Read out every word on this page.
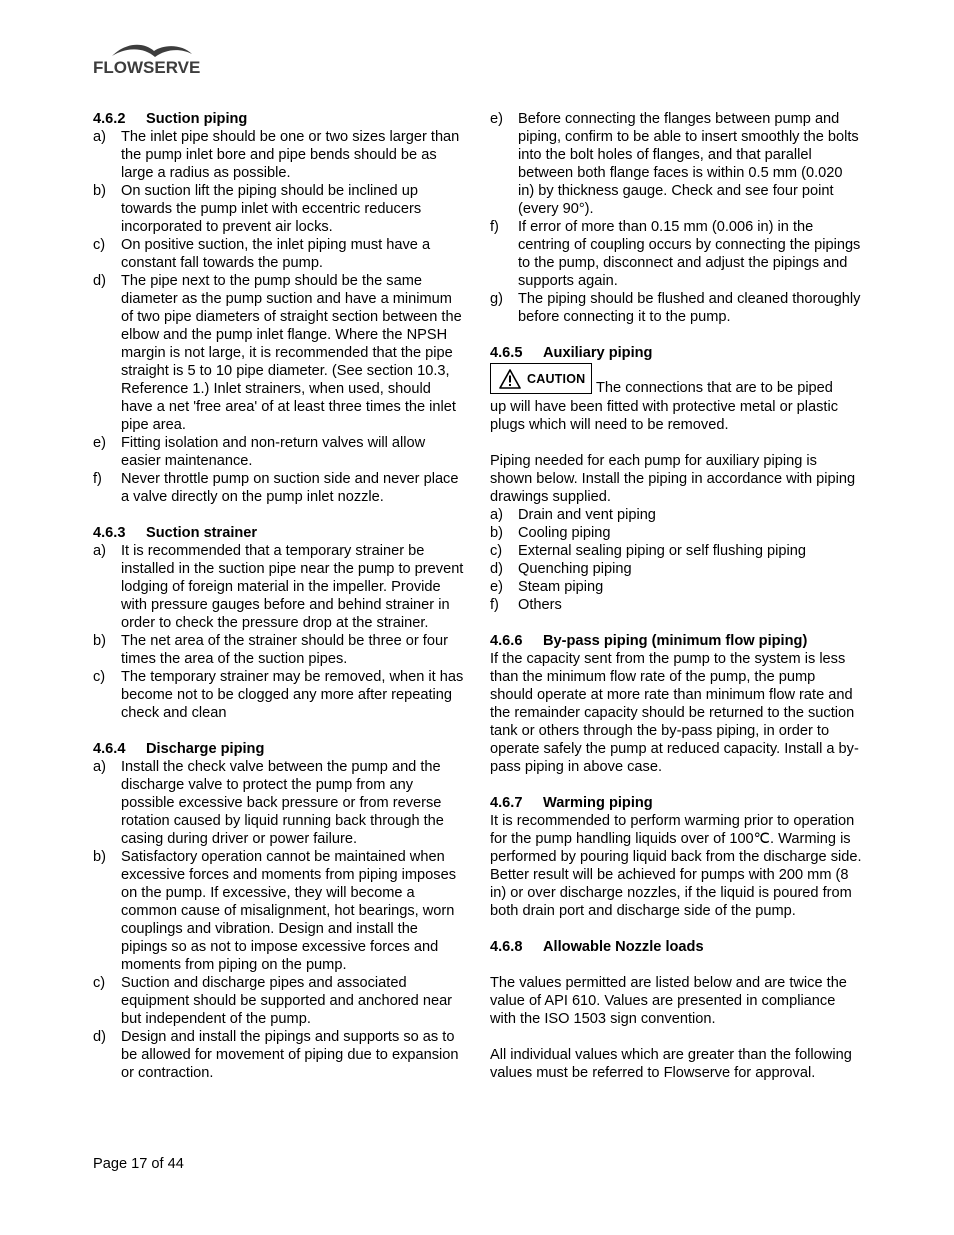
FLOWSERVE
4.6.2 Suction piping
a)	The inlet pipe should be one or two sizes larger than the pump inlet bore and pipe bends should be as large a radius as possible.
b)	On suction lift the piping should be inclined up towards the pump inlet with eccentric reducers incorporated to prevent air locks.
c)	On positive suction, the inlet piping must have a constant fall towards the pump.
d)	The pipe next to the pump should be the same diameter as the pump suction and have a minimum of two pipe diameters of straight section between the elbow and the pump inlet flange. Where the NPSH margin is not large, it is recommended that the pipe straight is 5 to 10 pipe diameter. (See section 10.3, Reference 1.) Inlet strainers, when used, should have a net 'free area' of at least three times the inlet pipe area.
e)	Fitting isolation and non-return valves will allow easier maintenance.
f)	Never throttle pump on suction side and never place a valve directly on the pump inlet nozzle.
4.6.3 Suction strainer
a)	It is recommended that a temporary strainer be installed in the suction pipe near the pump to prevent lodging of foreign material in the impeller. Provide with pressure gauges before and behind strainer in order to check the pressure drop at the strainer.
b)	The net area of the strainer should be three or four times the area of the suction pipes.
c)	The temporary strainer may be removed, when it has become not to be clogged any more after repeating check and clean
4.6.4 Discharge piping
a)	Install the check valve between the pump and the discharge valve to protect the pump from any possible excessive back pressure or from reverse rotation caused by liquid running back through the casing during driver or power failure.
b)	Satisfactory operation cannot be maintained when excessive forces and moments from piping imposes on the pump. If excessive, they will become a common cause of misalignment, hot bearings, worn couplings and vibration. Design and install the pipings so as not to impose excessive forces and moments from piping on the pump.
c)	Suction and discharge pipes and associated equipment should be supported and anchored near but independent of the pump.
d)	Design and install the pipings and supports so as to be allowed for movement of piping due to expansion or contraction.
e)	Before connecting the flanges between pump and piping, confirm to be able to insert smoothly the bolts into the bolt holes of flanges, and that parallel between both flange faces is within 0.5 mm (0.020 in) by thickness gauge. Check and see four point (every 90°).
f)	If error of more than 0.15 mm (0.006 in) in the centring of coupling occurs by connecting the pipings to the pump, disconnect and adjust the pipings and supports again.
g)	The piping should be flushed and cleaned thoroughly before connecting it to the pump.
4.6.5 Auxiliary piping
CAUTION
The connections that are to be piped

up will have been fitted with protective metal or plastic plugs which will need to be removed.

Piping needed for each pump for auxiliary piping is shown below. Install the piping in accordance with piping drawings supplied.

a)	Drain and vent piping
b)	Cooling piping
c)	External sealing piping or self flushing piping
d)	Quenching piping
e)	Steam piping
f)	Others
4.6.6 By-pass piping (minimum flow piping)

If the capacity sent from the pump to the system is less than the minimum flow rate of the pump, the pump should operate at more rate than minimum flow rate and the remainder capacity should be returned to the suction tank or others through the by-pass piping, in order to operate safely the pump at reduced capacity. Install a by-pass piping in above case.

4.6.7 Warming piping

It is recommended to perform warming prior to operation for the pump handling liquids over of 100℃. Warming is performed by pouring liquid back from the discharge side. Better result will be achieved for pumps with 200 mm (8 in) or over discharge nozzles, if the liquid is poured from both drain port and discharge side of the pump.

4.6.8 Allowable Nozzle loads

The values permitted are listed below and are twice the value of API 610. Values are presented in compliance with the ISO 1503 sign convention.

All individual values which are greater than the following values must be referred to Flowserve for approval.

Page 17 of 44
